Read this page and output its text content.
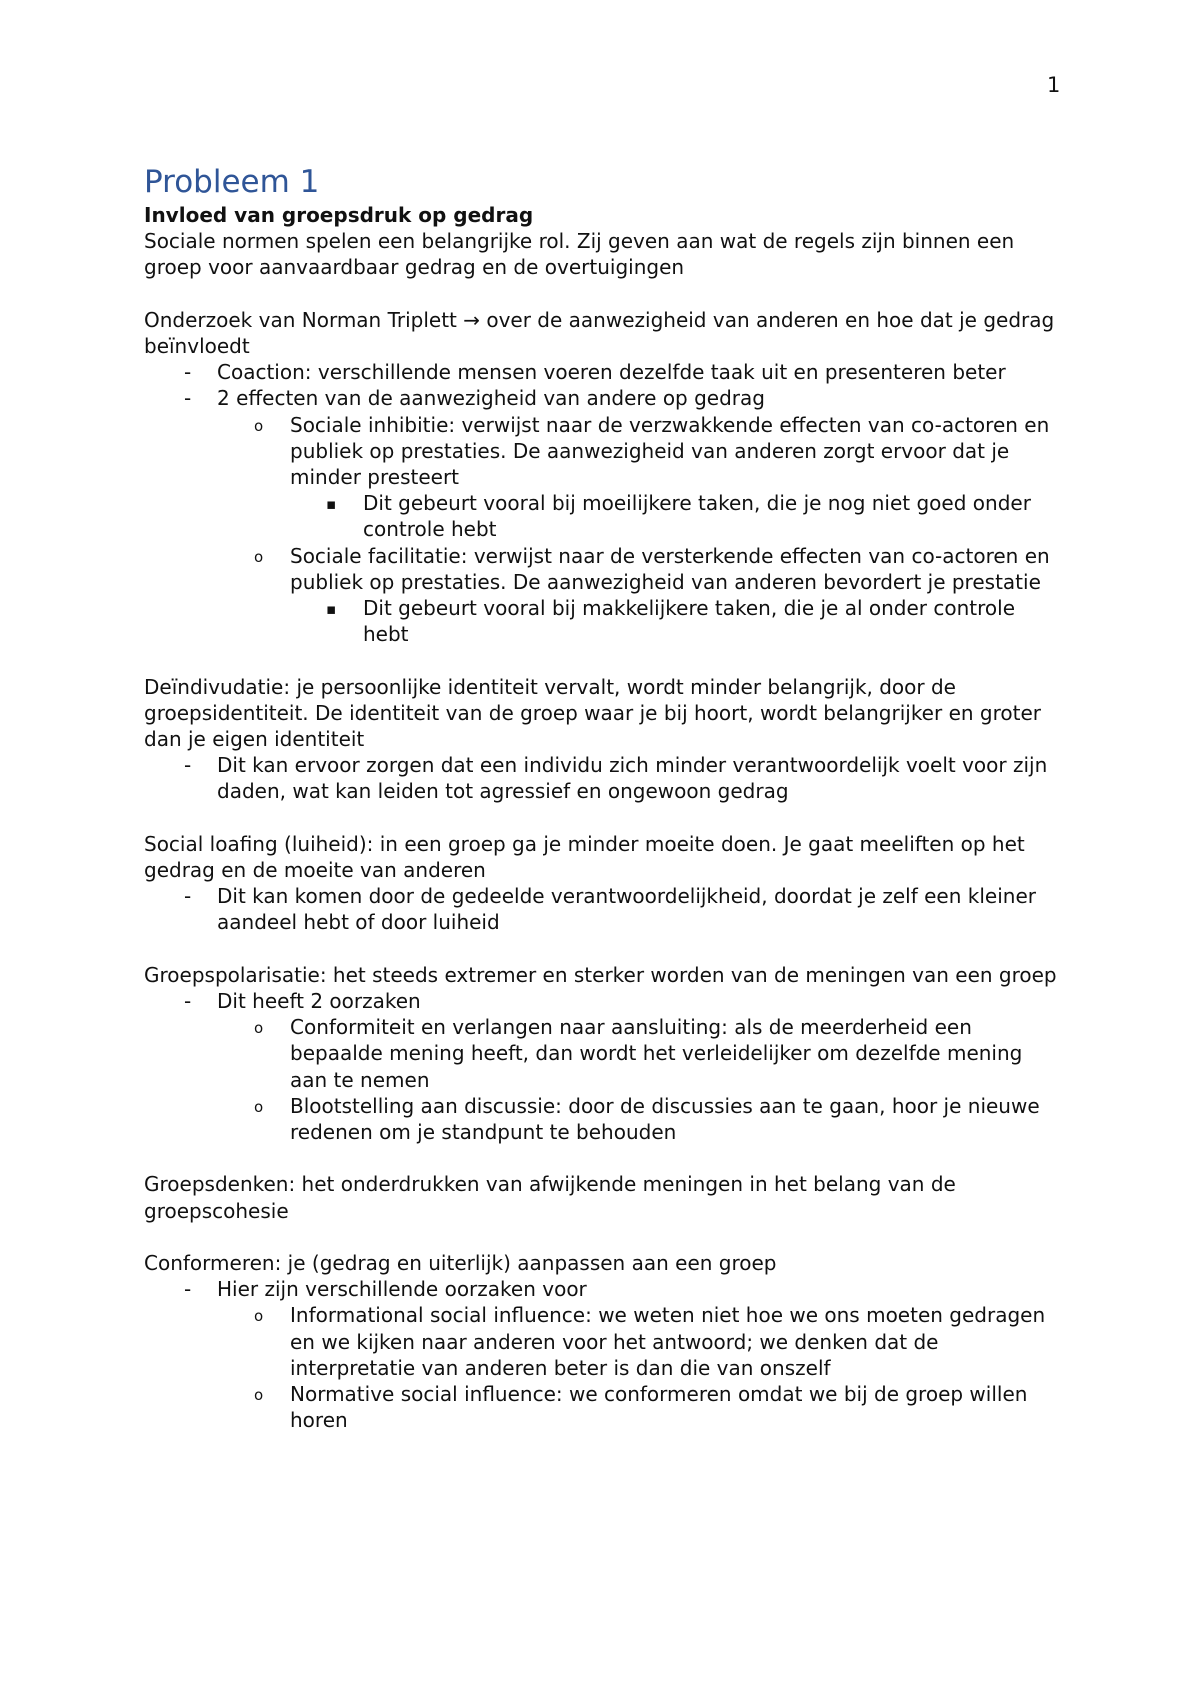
1
Probleem 1
Invloed van groepsdruk op gedrag

Sociale normen spelen een belangrijke rol. Zij geven aan wat de regels zijn binnen een groep voor aanvaardbaar gedrag en de overtuigingen

Onderzoek van Norman Triplett → over de aanwezigheid van anderen en hoe dat je gedrag beïnvloedt

- Coaction: verschillende mensen voeren dezelfde taak uit en presenteren beter
- 2 effecten van de aanwezigheid van andere op gedrag
o Sociale inhibitie: verwijst naar de verzwakkende effecten van co-actoren en publiek op prestaties. De aanwezigheid van anderen zorgt ervoor dat je minder presteert
▪ Dit gebeurt vooral bij moeilijkere taken, die je nog niet goed onder controle hebt
o Sociale facilitatie: verwijst naar de versterkende effecten van co-actoren en publiek op prestaties. De aanwezigheid van anderen bevordert je prestatie
▪ Dit gebeurt vooral bij makkelijkere taken, die je al onder controle hebt

Deïndivudatie: je persoonlijke identiteit vervalt, wordt minder belangrijk, door de groepsidentiteit. De identiteit van de groep waar je bij hoort, wordt belangrijker en groter dan je eigen identiteit

- Dit kan ervoor zorgen dat een individu zich minder verantwoordelijk voelt voor zijn daden, wat kan leiden tot agressief en ongewoon gedrag

Social loafing (luiheid): in een groep ga je minder moeite doen. Je gaat meeliften op het gedrag en de moeite van anderen

- Dit kan komen door de gedeelde verantwoordelijkheid, doordat je zelf een kleiner aandeel hebt of door luiheid

Groepspolarisatie: het steeds extremer en sterker worden van de meningen van een groep

- Dit heeft 2 oorzaken
o Conformiteit en verlangen naar aansluiting: als de meerderheid een bepaalde mening heeft, dan wordt het verleidelijker om dezelfde mening aan te nemen
o Blootstelling aan discussie: door de discussies aan te gaan, hoor je nieuwe redenen om je standpunt te behouden

Groepsdenken: het onderdrukken van afwijkende meningen in het belang van de groepscohesie

Conformeren: je (gedrag en uiterlijk) aanpassen aan een groep

- Hier zijn verschillende oorzaken voor
o Informational social influence: we weten niet hoe we ons moeten gedragen en we kijken naar anderen voor het antwoord; we denken dat de interpretatie van anderen beter is dan die van onszelf
o Normative social influence: we conformeren omdat we bij de groep willen horen
